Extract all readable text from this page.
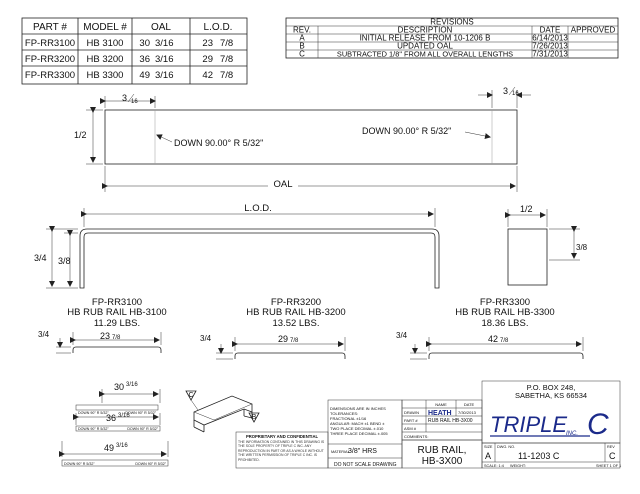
PART # MODEL # OAL	L.O.D.
FP-RR3100 HB 3100 30 3/16	23 7/8
FP-RR3200 HB 3200 36 3/16	29 7/8
FP-RR3300 HB 3300 49 3/16	42 7/8
REVISIONS
REV.	DESCRIPTION	DATE APPROVED
A	INITIAL RELEASE FROM 10-1206 B	6/14/2013
B	UPDATED OAL	7/26/2013
C	SUBTRACTED 1/8" FROM ALL OVERALL LENGTHS 7/31/2013
3 16
3 16
1/2
DOWN 90.00° R 5/32"
DOWN 90.00° R 5/32"
OAL
L.O.D.
3/4 3/8
1/2
3/8
FP-RR3100
HB RUB RAIL HB-3100
11.29 LBS.
23 7/8
3/4
FP-RR3200
HB RUB RAIL HB-3200
13.52 LBS.
29 7/8
3/4
FP-RR3300
HB RUB RAIL HB-3300
18.36 LBS.
42 7/8
3/4
30 3/16
DOWN 90° R 5/32"	DOWN 90° R 5/32"
36 3/16
DOWN 90° R 5/32"	DOWN 90° R 5/32"
49 3/16
DOWN 90° R 5/32"	DOWN 90° R 5/32"
C
B
PROPRIETARY AND CONFIDENTIAL
THE INFORMATION CONTAINED IN THIS DRAWING IS THE SOLE PROPERTY OF TRIPLE C INC. ANY REPRODUCTION IN PART OR AS A WHOLE WITHOUT THE WRITTEN PERMISSION OF TRIPLE C INC. IS PROHIBITED.
DIMENSIONS ARE IN INCHES
TOLERANCES:
FRACTIONAL ±1/16
ANGULAR: MACH ±1 BEND ±
TWO PLACE DECIMAL ±.010
THREE PLACE DECIMAL ±.005
MATERIAL
3/8" HRS
DO NOT SCALE DRAWING
NAME	DATE
DRAWN HEATH 7/30/2013
PART # RUB RAIL HB-3X00
ASM #
COMMENTS:
RUB RAIL,
HB-3X00
P.O. BOX 248,
SABETHA, KS 66534
TRIPLE C
INC.
SIZE
A
DWG. NO.
11-1203 C
REV
C
SCALE: 1:4 WEIGHT:	SHEET 1 OF 1
